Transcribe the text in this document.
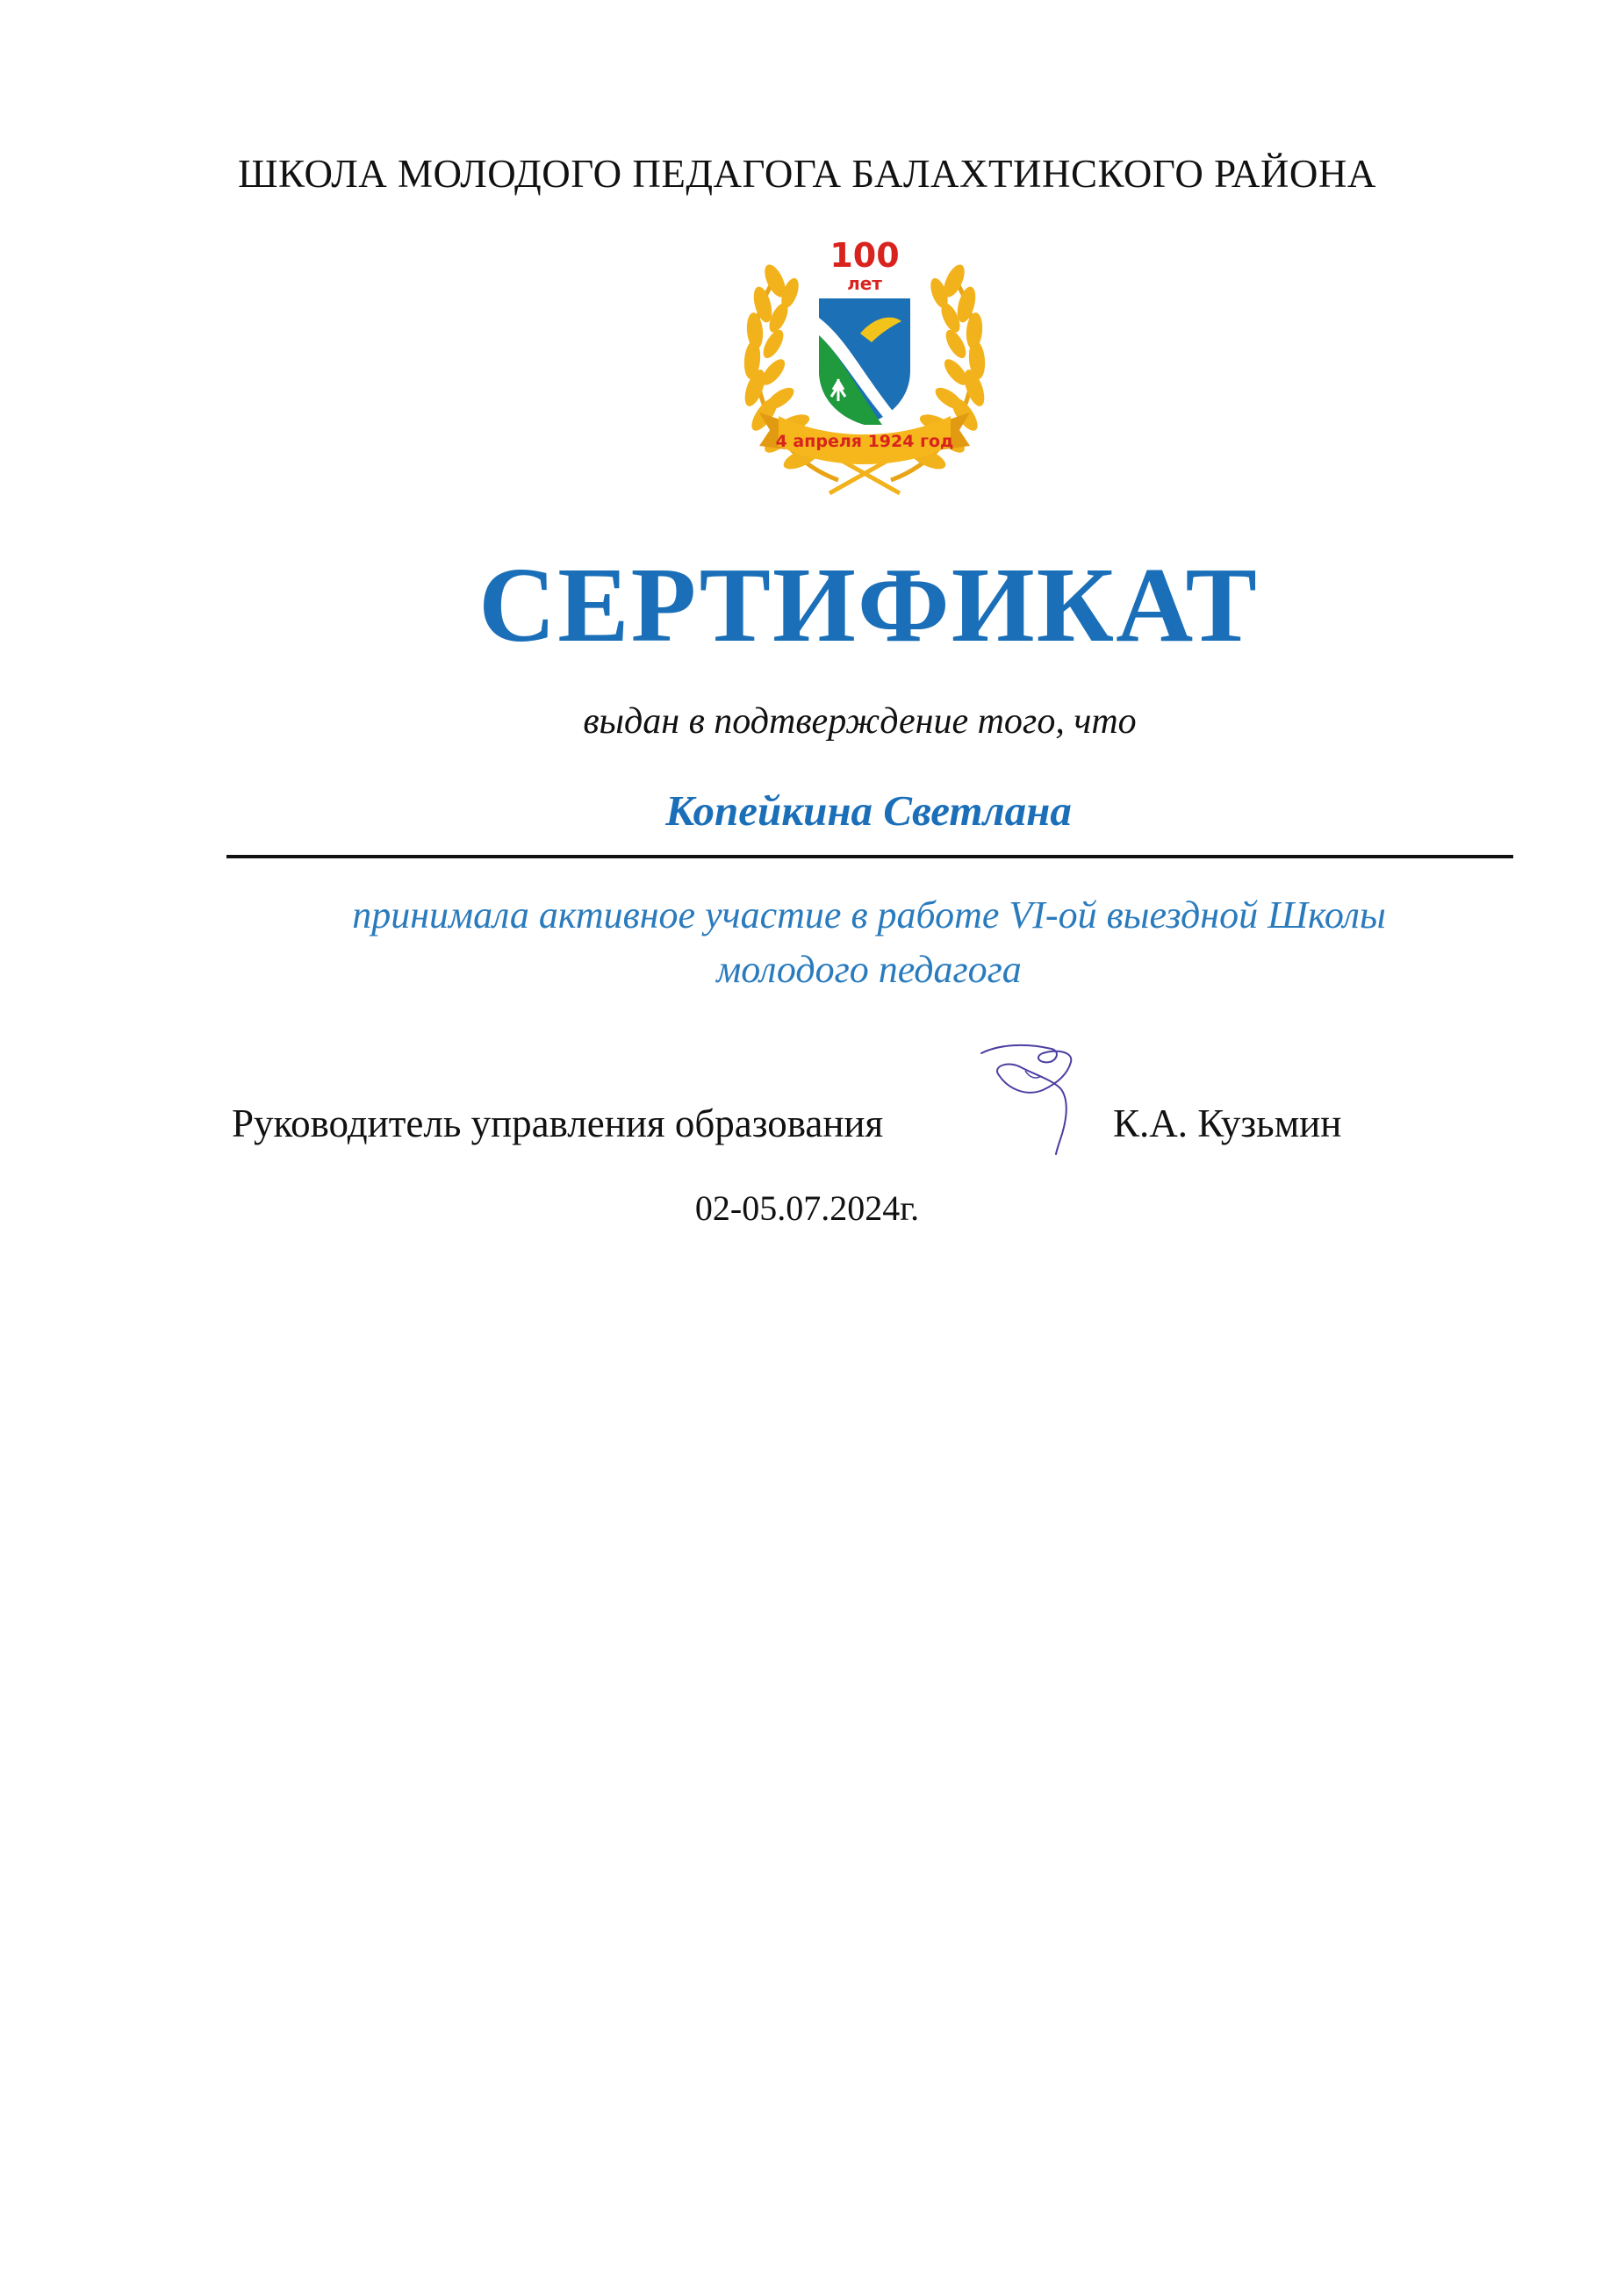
ШКОЛА МОЛОДОГО ПЕДАГОГА БАЛАХТИНСКОГО РАЙОНА
100
лет
4 апреля 1924 год
СЕРТИФИКАТ
выдан в подтверждение того, что
Копейкина Светлана
принимала активное участие в работе VI-ой выездной Школы
молодого педагога
Руководитель управления образования	К.А. Кузьмин
02-05.07.2024г.
